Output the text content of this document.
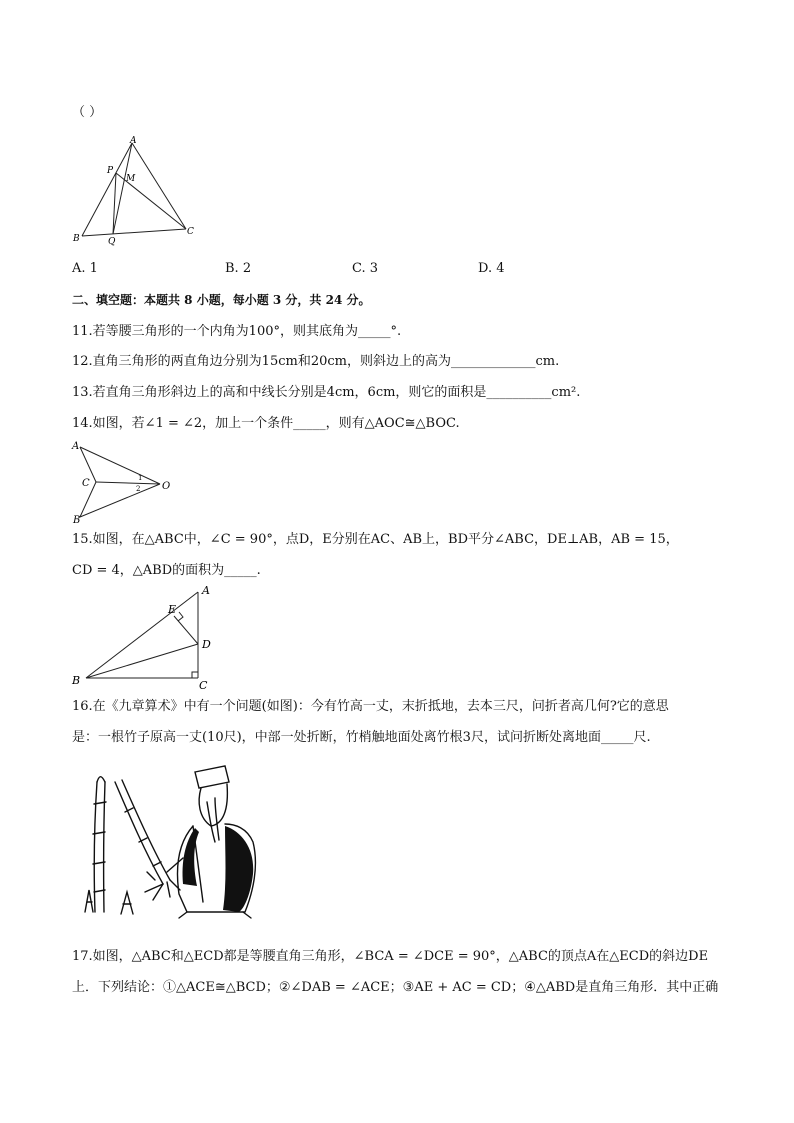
（ ）
A
P
M
B	Q
C
A. 1	B. 2	C. 3	D. 4
二、填空题：本题共 8 小题，每小题 3 分，共 24 分。
11.若等腰三角形的一个内角为100°，则其底角为_____°.
12.直角三角形的两直角边分别为15cm和20cm，则斜边上的高为_____________cm.
13.若直角三角形斜边上的高和中线长分别是4cm，6cm，则它的面积是__________cm².
14.如图，若∠1 = ∠2，加上一个条件_____，则有△AOC≅△BOC.
A
C	O
B
1
2
15.如图，在△ABC中，∠C = 90°，点D，E分别在AC、AB上，BD平分∠ABC，DE⊥AB，AB = 15，
CD = 4，△ABD的面积为_____.
A
E
D
B	C
16.在《九章算术》中有一个问题(如图)：今有竹高一丈，末折抵地，去本三尺，问折者高几何?它的意思
是：一根竹子原高一丈(10尺)，中部一处折断，竹梢触地面处离竹根3尺，试问折断处离地面_____尺.
17.如图，△ABC和△ECD都是等腰直角三角形，∠BCA = ∠DCE = 90°，△ABC的顶点A在△ECD的斜边DE
上．下列结论：①△ACE≅△BCD；②∠DAB = ∠ACE；③AE + AC = CD；④△ABD是直角三角形．其中正确
